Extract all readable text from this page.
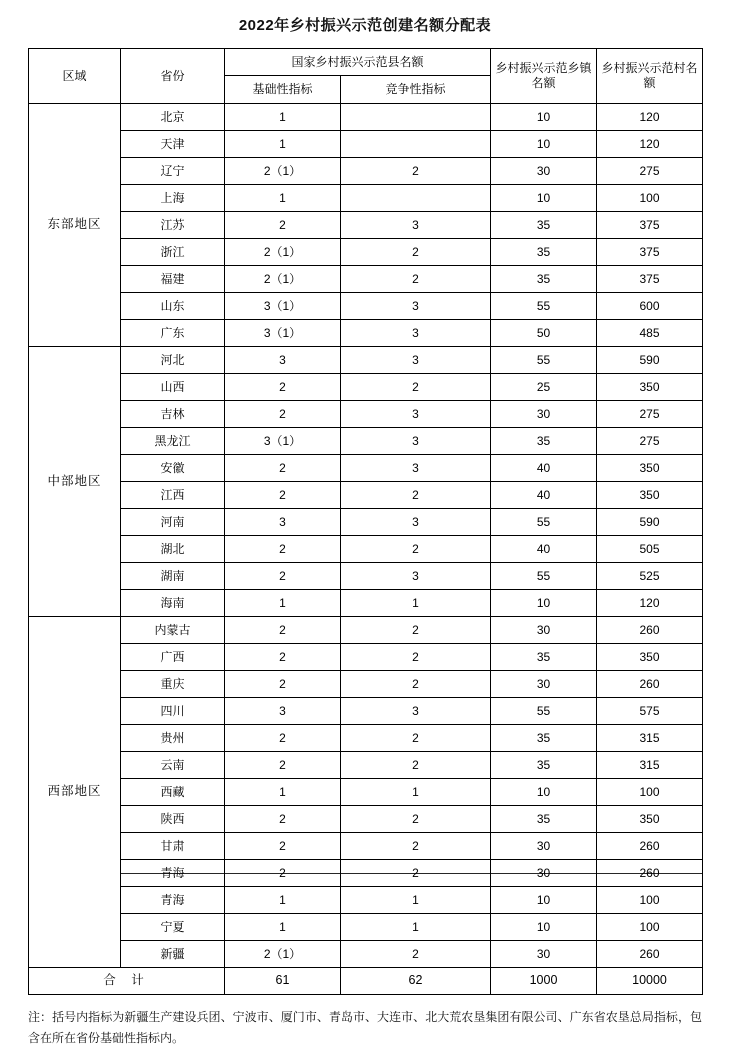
2022年乡村振兴示范创建名额分配表
区域	省份	国家乡村振兴示范县名额		乡村振兴示范乡镇名额	乡村振兴示范村名额
		基础性指标	竞争性指标		
东部地区	北京	1		10	120
	天津	1		10	120
	辽宁	2（1）	2	30	275
	上海	1		10	100
	江苏	2	3	35	375
	浙江	2（1）	2	35	375
	福建	2（1）	2	35	375
	山东	3（1）	3	55	600
	广东	3（1）	3	50	485
中部地区	河北	3	3	55	590
	山西	2	2	25	350
	吉林	2	3	30	275
	黑龙江	3（1）	3	35	275
	安徽	2	3	40	350
	江西	2	2	40	350
	河南	3	3	55	590
	湖北	2	2	40	505
	湖南	2	3	55	525
	海南	1	1	10	120
西部地区	内蒙古	2	2	30	260
	广西	2	2	35	350
	重庆	2	2	30	260
	四川	3	3	55	575
	贵州	2	2	35	315
	云南	2	2	35	315
	西藏	1	1	10	100
	陕西	2	2	35	350
	甘肃	2	2	30	260
	青海	2	2	30	260
	青海	1	1	10	100
	宁夏	1	1	10	100
	新疆	2（1）	2	30	260
合 计		61	62	1000	10000
注：括号内指标为新疆生产建设兵团、宁波市、厦门市、青岛市、大连市、北大荒农垦集团有限公司、广东省农垦总局指标，包含在所在省份基础性指标内。
